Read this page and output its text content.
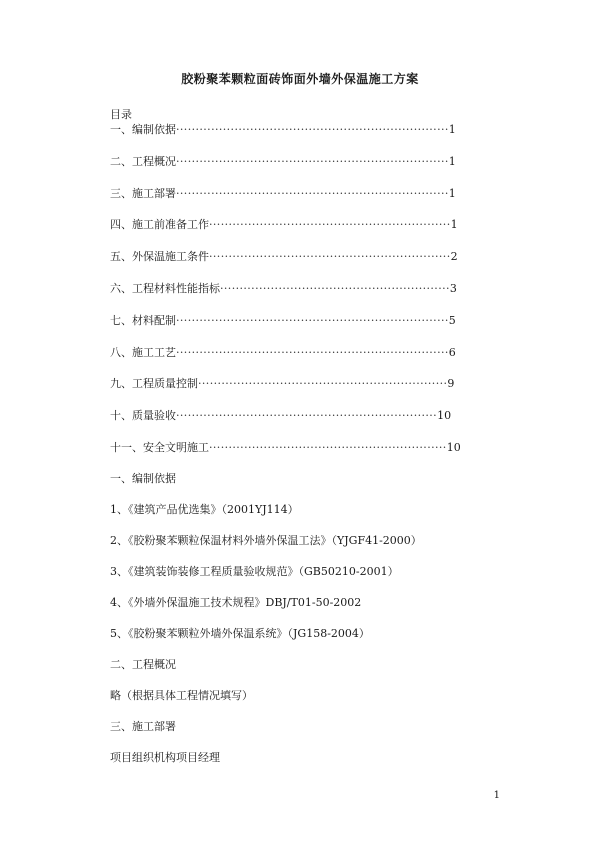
胶粉聚苯颗粒面砖饰面外墙外保温施工方案
目录
一、编制依据 ······································································ 1
二、工程概况 ······································································ 1
三、施工部署 ······································································ 1
四、施工前准备工作 ······························································ 1
五、外保温施工条件 ······························································ 2
六、工程材料性能指标 ··························································· 3
七、材料配制 ······································································ 5
八、施工工艺 ······································································ 6
九、工程质量控制 ································································ 9
十、质量验收 ··································································· 10
十一、安全文明施工 ····························································· 10
一、编制依据
1、《建筑产品优选集》（2001YJ114）
2、《胶粉聚苯颗粒保温材料外墙外保温工法》（YJGF41-2000）
3、《建筑装饰装修工程质量验收规范》（GB50210-2001）
4、《外墙外保温施工技术规程》DBJ/T01-50-2002
5、《胶粉聚苯颗粒外墙外保温系统》（JG158-2004）
二、工程概况
略（根据具体工程情况填写）
三、施工部署
项目组织机构项目经理
1
